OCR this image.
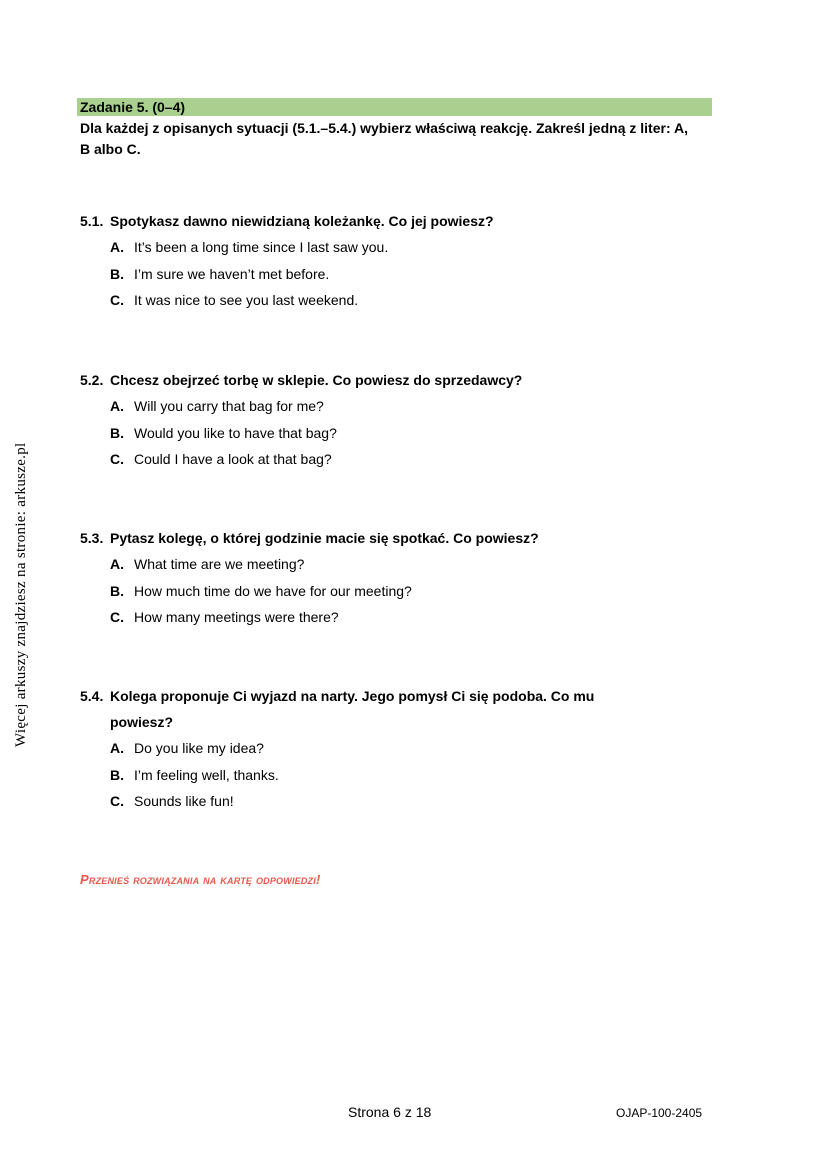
Więcej arkuszy znajdziesz na stronie: arkusze.pl
Zadanie 5. (0–4)
Dla każdej z opisanych sytuacji (5.1.–5.4.) wybierz właściwą reakcję. Zakreśl jedną z liter: A, B albo C.
5.1. Spotykasz dawno niewidzianą koleżankę. Co jej powiesz?
A. It’s been a long time since I last saw you.
B. I’m sure we haven’t met before.
C. It was nice to see you last weekend.
5.2. Chcesz obejrzeć torbę w sklepie. Co powiesz do sprzedawcy?
A. Will you carry that bag for me?
B. Would you like to have that bag?
C. Could I have a look at that bag?
5.3. Pytasz kolegę, o której godzinie macie się spotkać. Co powiesz?
A. What time are we meeting?
B. How much time do we have for our meeting?
C. How many meetings were there?
5.4. Kolega proponuje Ci wyjazd na narty. Jego pomysł Ci się podoba. Co mu powiesz?
A. Do you like my idea?
B. I’m feeling well, thanks.
C. Sounds like fun!
Przenieś rozwiązania na kartę odpowiedzi!
Strona 6 z 18	OJAP-100-2405
